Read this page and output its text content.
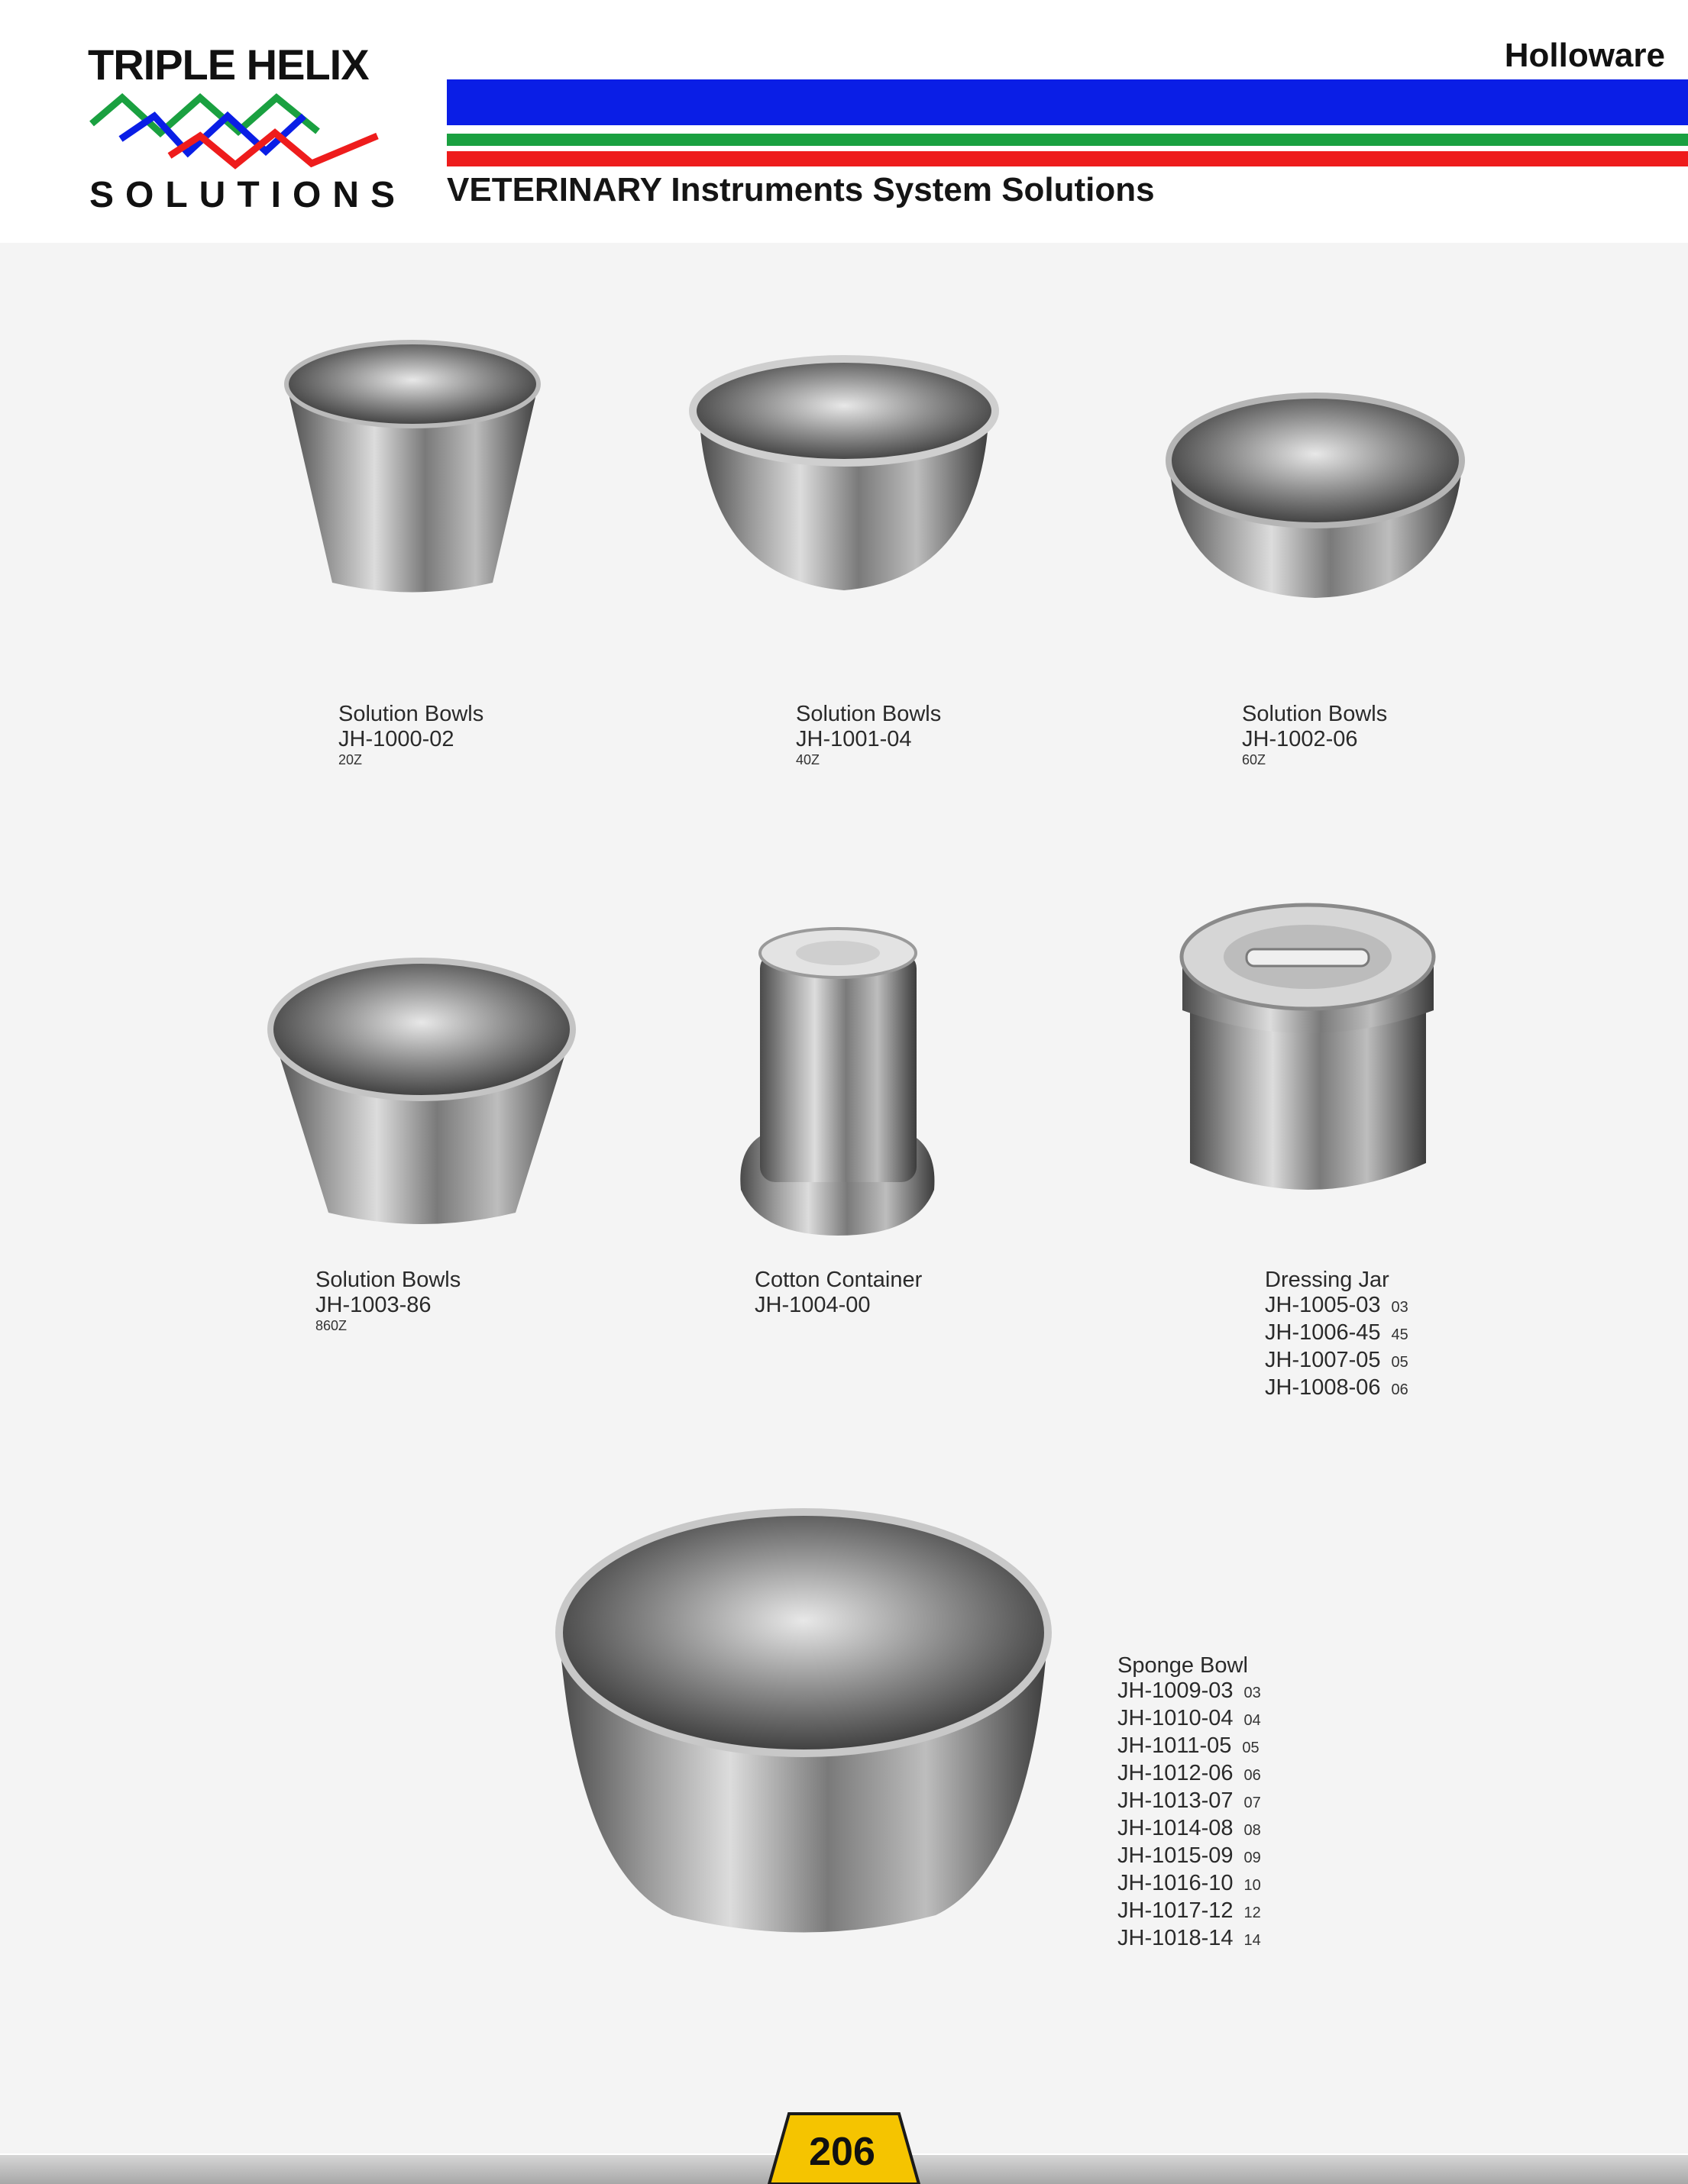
TRIPLE HELIX
SOLUTIONS
Holloware
VETERINARY Instruments System Solutions
Solution Bowls
JH-1000-02
20Z
Solution Bowls
JH-1001-04
40Z
Solution Bowls
JH-1002-06
60Z
Solution Bowls
JH-1003-86
860Z
Cotton Container
JH-1004-00
Dressing Jar
JH-1005-03 03
JH-1006-45 45
JH-1007-05 05
JH-1008-06 06
Sponge Bowl
JH-1009-03 03
JH-1010-04 04
JH-1011-05 05
JH-1012-06 06
JH-1013-07 07
JH-1014-08 08
JH-1015-09 09
JH-1016-10 10
JH-1017-12 12
JH-1018-14 14
206
